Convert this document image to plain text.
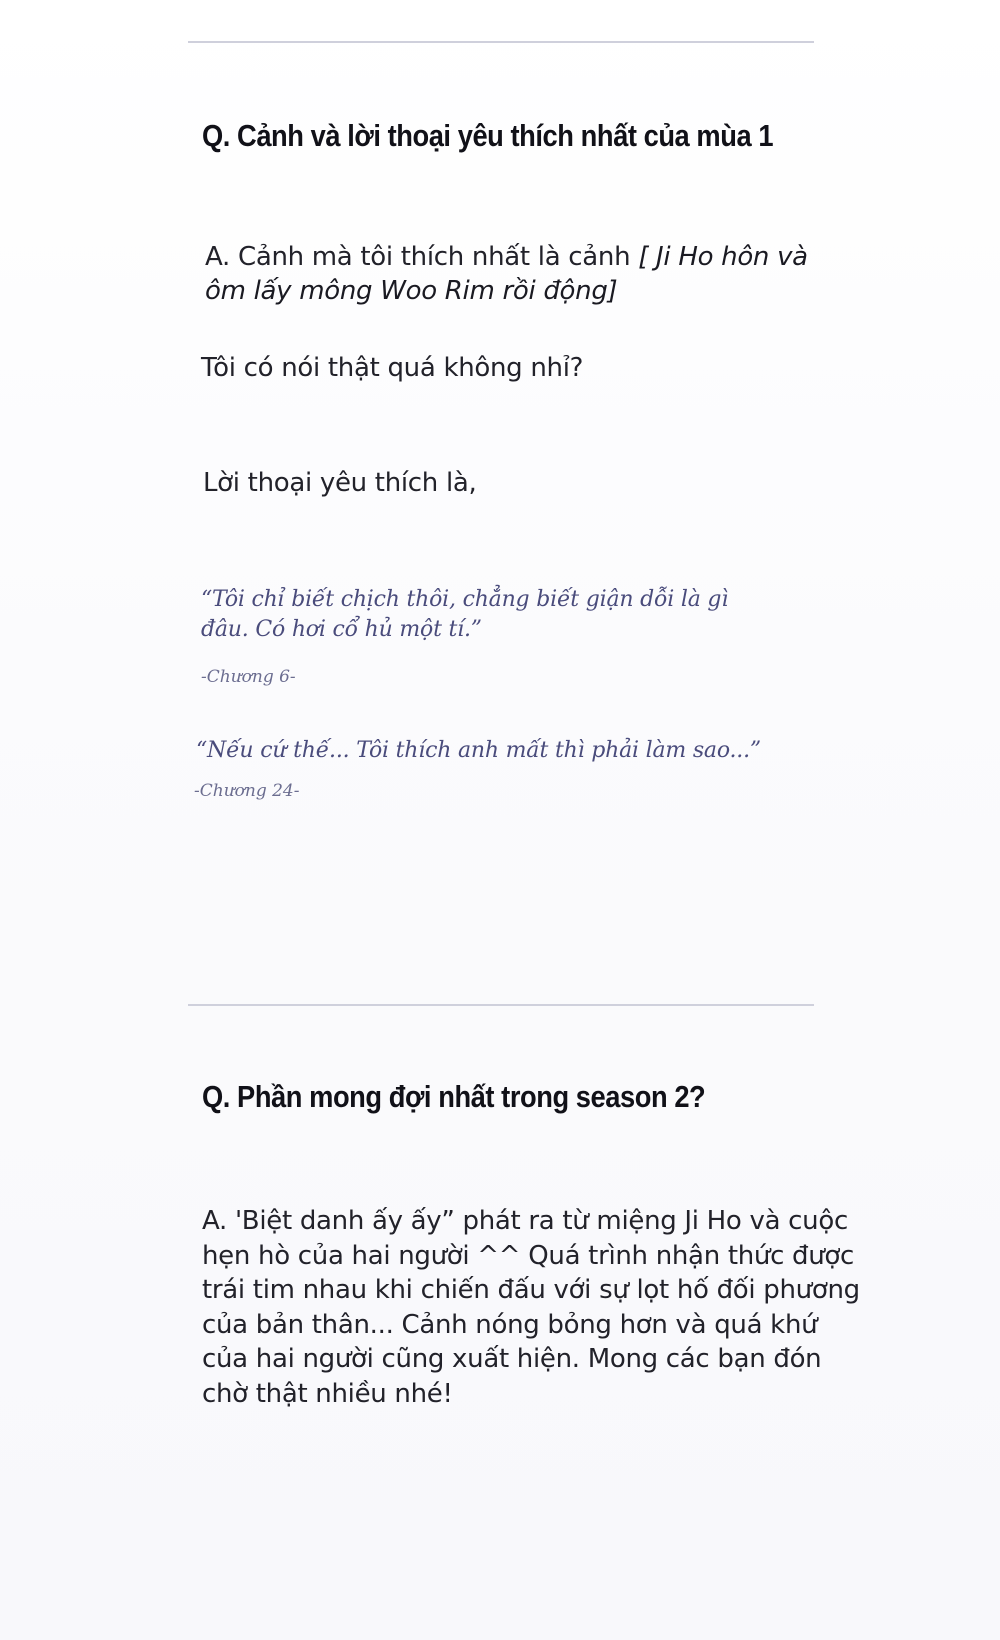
Q. Cảnh và lời thoại yêu thích nhất của mùa 1
A. Cảnh mà tôi thích nhất là cảnh [ Ji Ho hôn và ôm lấy mông Woo Rim rồi động]
Tôi có nói thật quá không nhỉ?
Lời thoại yêu thích là,
“Tôi chỉ biết chịch thôi, chẳng biết giận dỗi là gì đâu. Có hơi cổ hủ một tí.”
-Chương 6-
“Nếu cứ thế... Tôi thích anh mất thì phải làm sao...”
-Chương 24-
Q. Phần mong đợi nhất trong season 2?
A. 'Biệt danh ấy ấy” phát ra từ miệng Ji Ho và cuộc hẹn hò của hai người ^^ Quá trình nhận thức được trái tim nhau khi chiến đấu với sự lọt hố đối phương của bản thân... Cảnh nóng bỏng hơn và quá khứ của hai người cũng xuất hiện. Mong các bạn đón chờ thật nhiều nhé!
